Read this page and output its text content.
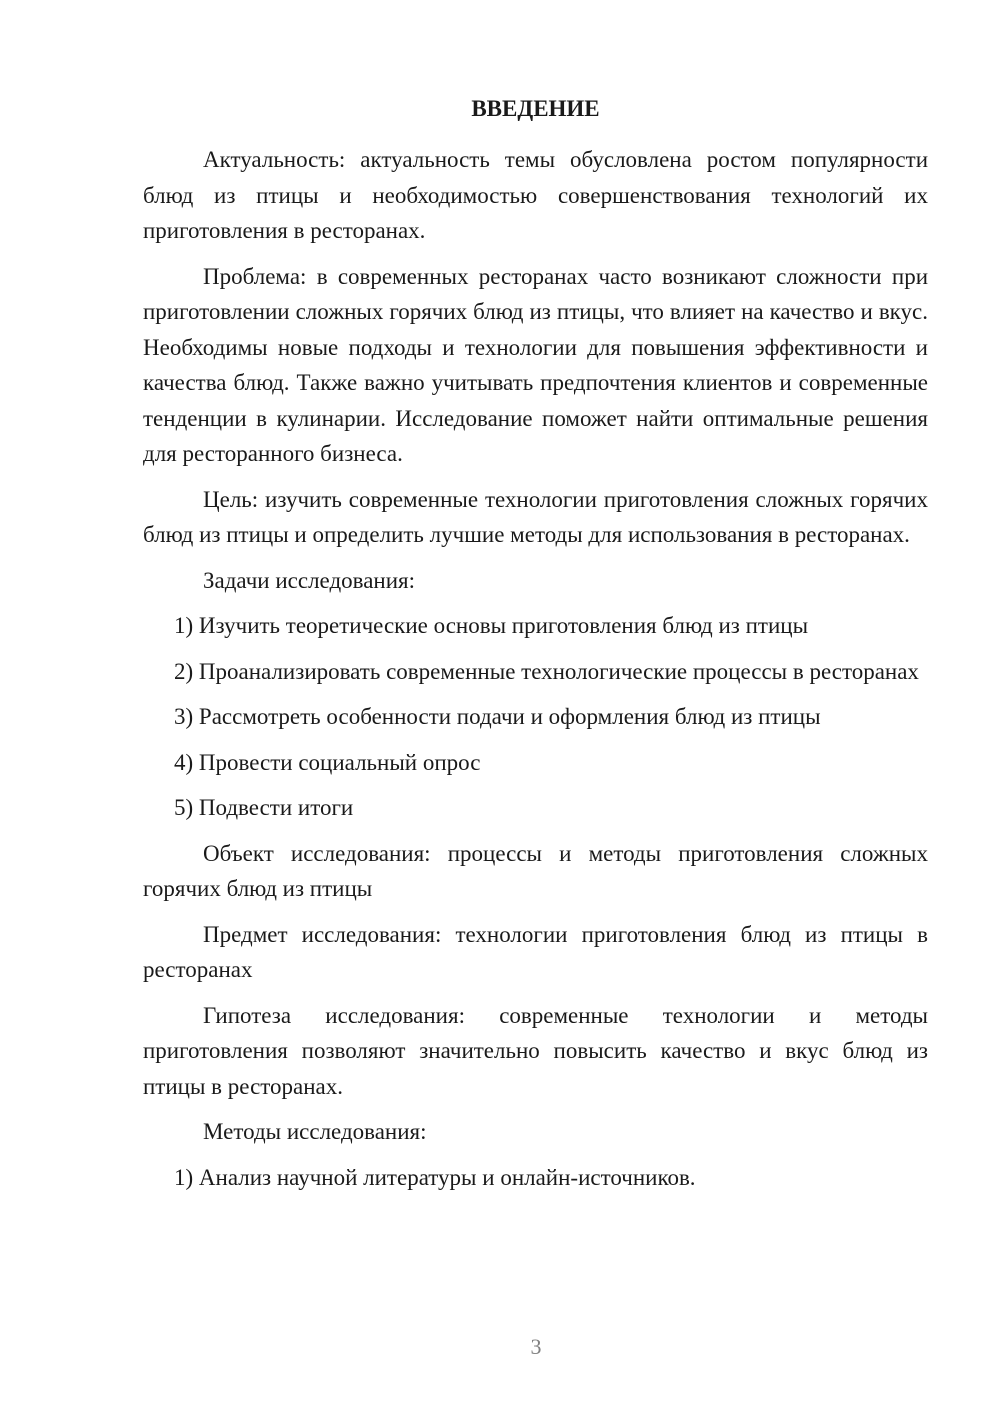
ВВЕДЕНИЕ

Актуальность: актуальность темы обусловлена ростом популярности блюд из птицы и необходимостью совершенствования технологий их приготовления в ресторанах.

Проблема: в современных ресторанах часто возникают сложности при приготовлении сложных горячих блюд из птицы, что влияет на качество и вкус. Необходимы новые подходы и технологии для повышения эффективности и качества блюд. Также важно учитывать предпочтения клиентов и современные тенденции в кулинарии. Исследование поможет найти оптимальные решения для ресторанного бизнеса.

Цель: изучить современные технологии приготовления сложных горячих блюд из птицы и определить лучшие методы для использования в ресторанах.

Задачи исследования:

1) Изучить теоретические основы приготовления блюд из птицы

2) Проанализировать современные технологические процессы в ресторанах

3) Рассмотреть особенности подачи и оформления блюд из птицы

4) Провести социальный опрос

5) Подвести итоги

Объект исследования: процессы и методы приготовления сложных горячих блюд из птицы

Предмет исследования: технологии приготовления блюд из птицы в ресторанах

Гипотеза исследования: современные технологии и методы приготовления позволяют значительно повысить качество и вкус блюд из птицы в ресторанах.

Методы исследования:

1) Анализ научной литературы и онлайн-источников.

3
